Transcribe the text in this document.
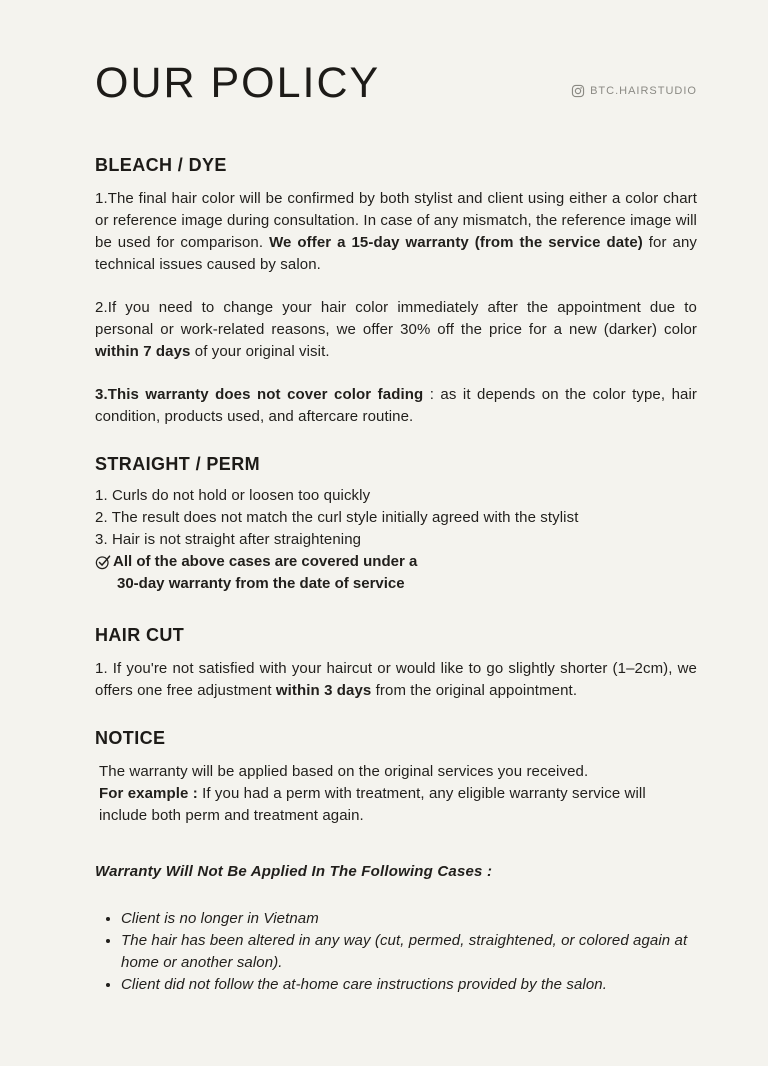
OUR POLICY	BTC.HAIRSTUDIO
BLEACH / DYE

1.The final hair color will be confirmed by both stylist and client using either a color chart or reference image during consultation. In case of any mismatch, the reference image will be used for comparison. We offer a 15-day warranty (from the service date) for any technical issues caused by salon.

2.If you need to change your hair color immediately after the appointment due to personal or work-related reasons, we offer 30% off the price for a new (darker) color within 7 days of your original visit.

3.This warranty does not cover color fading : as it depends on the color type, hair condition, products used, and aftercare routine.

STRAIGHT / PERM
1. Curls do not hold or loosen too quickly
2. The result does not match the curl style initially agreed with the stylist
3. Hair is not straight after straightening
All of the above cases are covered under a
30-day warranty from the date of service
HAIR CUT

1. If you're not satisfied with your haircut or would like to go slightly shorter (1–2cm), we offers one free adjustment within 3 days from the original appointment.

NOTICE

The warranty will be applied based on the original services you received.

For example : If you had a perm with treatment, any eligible warranty service will include both perm and treatment again.

Warranty Will Not Be Applied In The Following Cases :

• Client is no longer in Vietnam
• The hair has been altered in any way (cut, permed, straightened, or colored again at home or another salon).
• Client did not follow the at-home care instructions provided by the salon.
